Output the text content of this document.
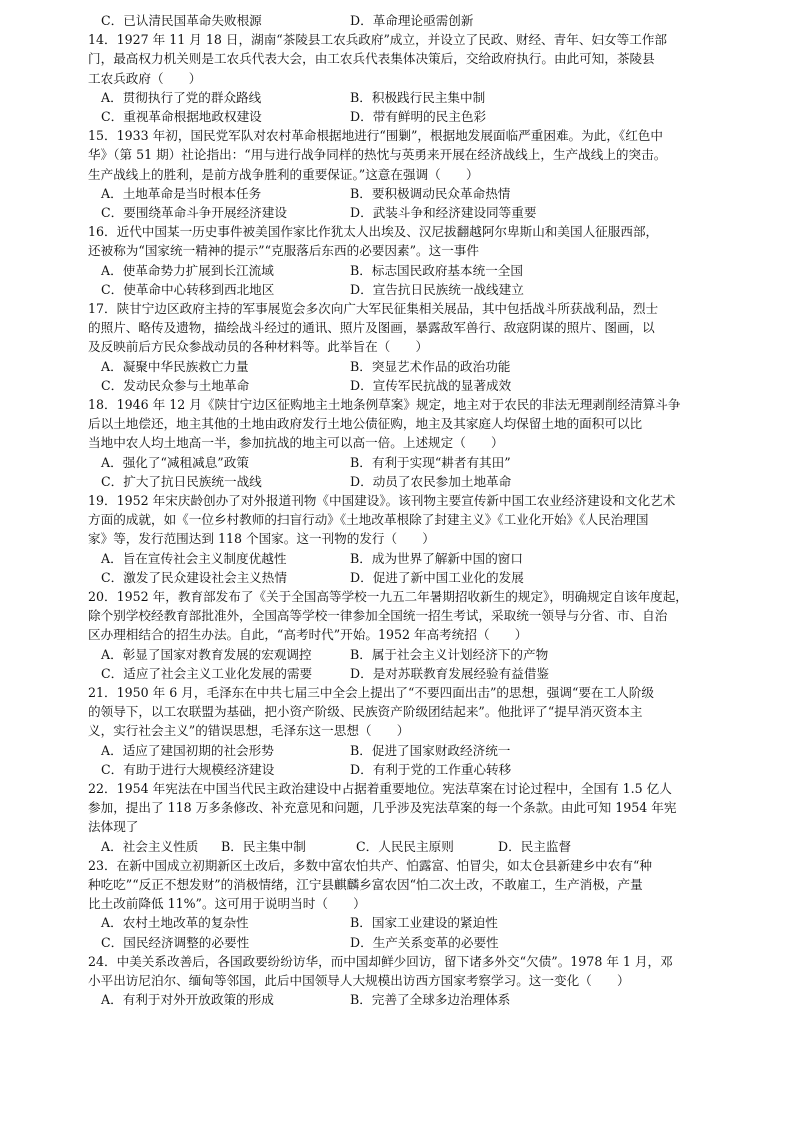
C．已认清民国革命失败根源	D．革命理论亟需创新
14．1927 年 11 月 18 日，湖南“茶陵县工农兵政府”成立，并设立了民政、财经、青年、妇女等工作部
门，最高权力机关则是工农兵代表大会，由工农兵代表集体决策后，交给政府执行。由此可知，茶陵县
工农兵政府（　　）
A．贯彻执行了党的群众路线	B．积极践行民主集中制
C．重视革命根据地政权建设	D．带有鲜明的民主色彩
15．1933 年初，国民党军队对农村革命根据地进行“围剿”，根据地发展面临严重困难。为此，《红色中
华》（第 51 期）社论指出：“用与进行战争同样的热忱与英勇来开展在经济战线上，生产战线上的突击。
生产战线上的胜利，是前方战争胜利的重要保证。”这意在强调（　　）
A．土地革命是当时根本任务	B．要积极调动民众革命热情
C．要围绕革命斗争开展经济建设	D．武装斗争和经济建设同等重要
16．近代中国某一历史事件被美国作家比作犹太人出埃及、汉尼拔翻越阿尔卑斯山和美国人征服西部，
还被称为“国家统一精神的提示”“克服落后东西的必要因素”。这一事件
A．使革命势力扩展到长江流域	B．标志国民政府基本统一全国
C．使革命中心转移到西北地区	D．宣告抗日民族统一战线建立
17．陕甘宁边区政府主持的军事展览会多次向广大军民征集相关展品，其中包括战斗所获战利品，烈士
的照片、略传及遗物，描绘战斗经过的通讯、照片及图画，暴露敌军兽行、敌寇阴谋的照片、图画，以
及反映前后方民众参战动员的各种材料等。此举旨在（　　）
A．凝聚中华民族救亡力量	B．突显艺术作品的政治功能
C．发动民众参与土地革命	D．宣传军民抗战的显著成效
18．1946 年 12 月《陕甘宁边区征购地主土地条例草案》规定，地主对于农民的非法无理剥削经清算斗争
后以土地偿还，地主其他的土地由政府发行土地公债征购，地主及其家庭人均保留土地的面积可以比
当地中农人均土地高一半，参加抗战的地主可以高一倍。上述规定（　　）
A．强化了“减租减息”政策	B．有利于实现“耕者有其田”
C．扩大了抗日民族统一战线	D．动员了农民参加土地革命
19．1952 年宋庆龄创办了对外报道刊物《中国建设》。该刊物主要宣传新中国工农业经济建设和文化艺术
方面的成就，如《一位乡村教师的扫盲行动》《土地改革根除了封建主义》《工业化开始》《人民治理国
家》等，发行范围达到 118 个国家。这一刊物的发行（　　）
A．旨在宣传社会主义制度优越性	B．成为世界了解新中国的窗口
C．激发了民众建设社会主义热情	D．促进了新中国工业化的发展
20．1952 年，教育部发布了《关于全国高等学校一九五二年暑期招收新生的规定》，明确规定自该年度起，
除个别学校经教育部批准外，全国高等学校一律参加全国统一招生考试，采取统一领导与分省、市、自治
区办理相结合的招生办法。自此，“高考时代”开始。1952 年高考统招（　　）
A．彰显了国家对教育发展的宏观调控	B．属于社会主义计划经济下的产物
C．适应了社会主义工业化发展的需要	D．是对苏联教育发展经验有益借鉴
21．1950 年 6 月，毛泽东在中共七届三中全会上提出了“不要四面出击”的思想，强调“要在工人阶级
的领导下，以工农联盟为基础，把小资产阶级、民族资产阶级团结起来”。他批评了“提早消灭资本主
义，实行社会主义”的错误思想，毛泽东这一思想（　　）
A．适应了建国初期的社会形势	B．促进了国家财政经济统一
C．有助于进行大规模经济建设	D．有利于党的工作重心转移
22．1954 年宪法在中国当代民主政治建设中占据着重要地位。宪法草案在讨论过程中，全国有 1.5 亿人
参加，提出了 118 万多条修改、补充意见和问题，几乎涉及宪法草案的每一个条款。由此可知 1954 年宪
法体现了
A．社会主义性质 B．民主集中制	C．人民民主原则	D．民主监督
23．在新中国成立初期新区土改后，多数中富农怕共产、怕露富、怕冒尖，如太仓县新建乡中农有“种
种吃吃”“反正不想发财”的消极情绪，江宁县麒麟乡富农因“怕二次土改，不敢雇工，生产消极，产量
比土改前降低 11%”。这可用于说明当时（　　）
A．农村土地改革的复杂性	B．国家工业建设的紧迫性
C．国民经济调整的必要性	D．生产关系变革的必要性
24．中美关系改善后，各国政要纷纷访华，而中国却鲜少回访，留下诸多外交“欠债”。1978 年 1 月，邓
小平出访尼泊尔、缅甸等邻国，此后中国领导人大规模出访西方国家考察学习。这一变化（　　）
A．有利于对外开放政策的形成	B．完善了全球多边治理体系
